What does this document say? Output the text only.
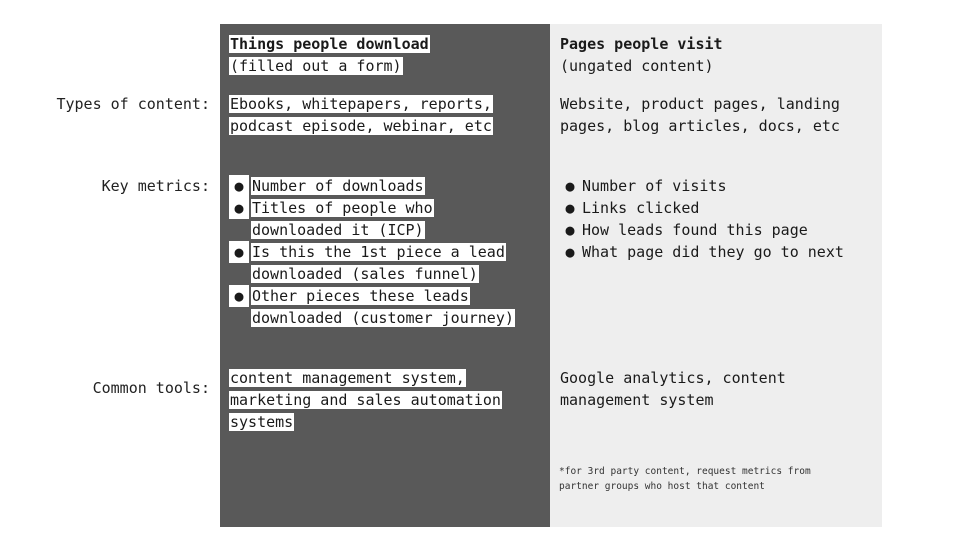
Types of content:
Key metrics:
Common tools:
Things people download
(filled out a form)
Ebooks, whitepapers, reports,
podcast episode, webinar, etc
● Number of downloads
● Titles of people who
downloaded it (ICP)
● Is this the 1st piece a lead
downloaded (sales funnel)
● Other pieces these leads
downloaded (customer journey)
content management system,
marketing and sales automation
systems
Pages people visit
(ungated content)
Website, product pages, landing
pages, blog articles, docs, etc
● Number of visits
● Links clicked
● How leads found this page
● What page did they go to next
Google analytics, content
management system
*for 3rd party content, request metrics from
partner groups who host that content
